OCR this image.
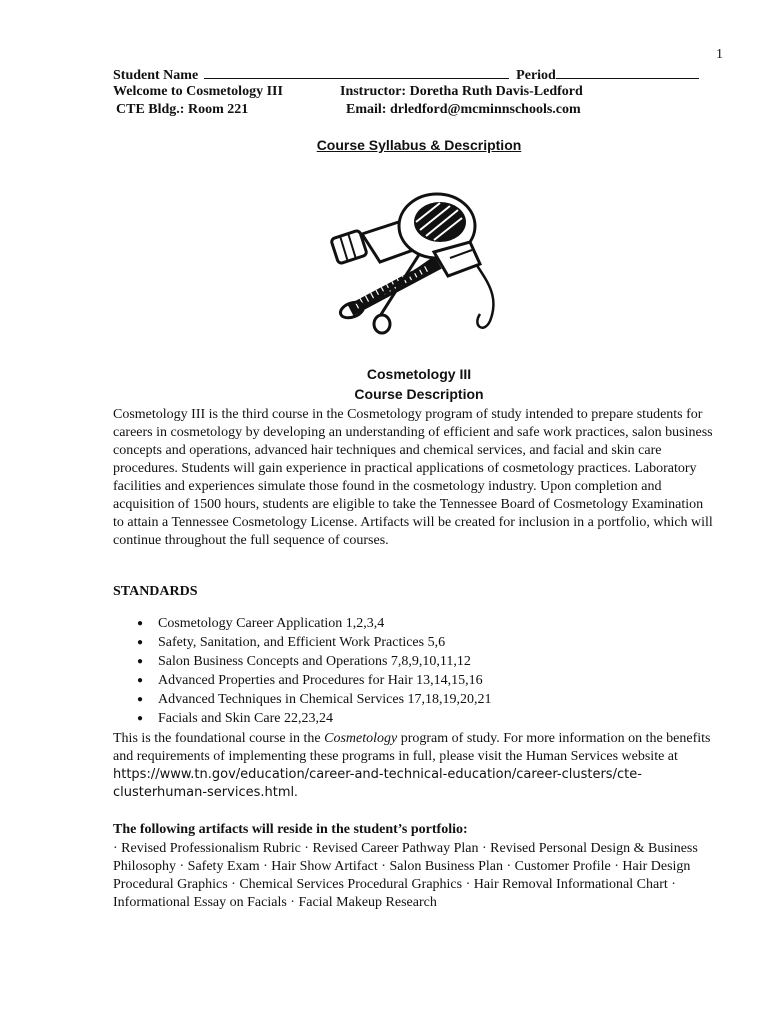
1
Student Name	Period
Welcome to Cosmetology III	Instructor: Doretha Ruth Davis-Ledford
CTE Bldg.: Room 221	Email: drledford@mcminnschools.com
Course Syllabus & Description
Cosmetology III
Course Description
Cosmetology III is the third course in the Cosmetology program of study intended to prepare students for careers in cosmetology by developing an understanding of efficient and safe work practices, salon business concepts and operations, advanced hair techniques and chemical services, and facial and skin care procedures. Students will gain experience in practical applications of cosmetology practices. Laboratory facilities and experiences simulate those found in the cosmetology industry. Upon completion and acquisition of 1500 hours, students are eligible to take the Tennessee Board of Cosmetology Examination to attain a Tennessee Cosmetology License. Artifacts will be created for inclusion in a portfolio, which will continue throughout the full sequence of courses.
STANDARDS
● Cosmetology Career Application 1,2,3,4
● Safety, Sanitation, and Efficient Work Practices 5,6
● Salon Business Concepts and Operations 7,8,9,10,11,12
● Advanced Properties and Procedures for Hair 13,14,15,16
● Advanced Techniques in Chemical Services 17,18,19,20,21
● Facials and Skin Care 22,23,24
This is the foundational course in the Cosmetology program of study. For more information on the benefits and requirements of implementing these programs in full, please visit the Human Services website at https://www.tn.gov/education/career-and-technical-education/career-clusters/cte-clusterhuman-services.html.
The following artifacts will reside in the student’s portfolio:
· Revised Professionalism Rubric · Revised Career Pathway Plan · Revised Personal Design & Business Philosophy · Safety Exam · Hair Show Artifact · Salon Business Plan · Customer Profile · Hair Design Procedural Graphics · Chemical Services Procedural Graphics · Hair Removal Informational Chart · Informational Essay on Facials · Facial Makeup Research
